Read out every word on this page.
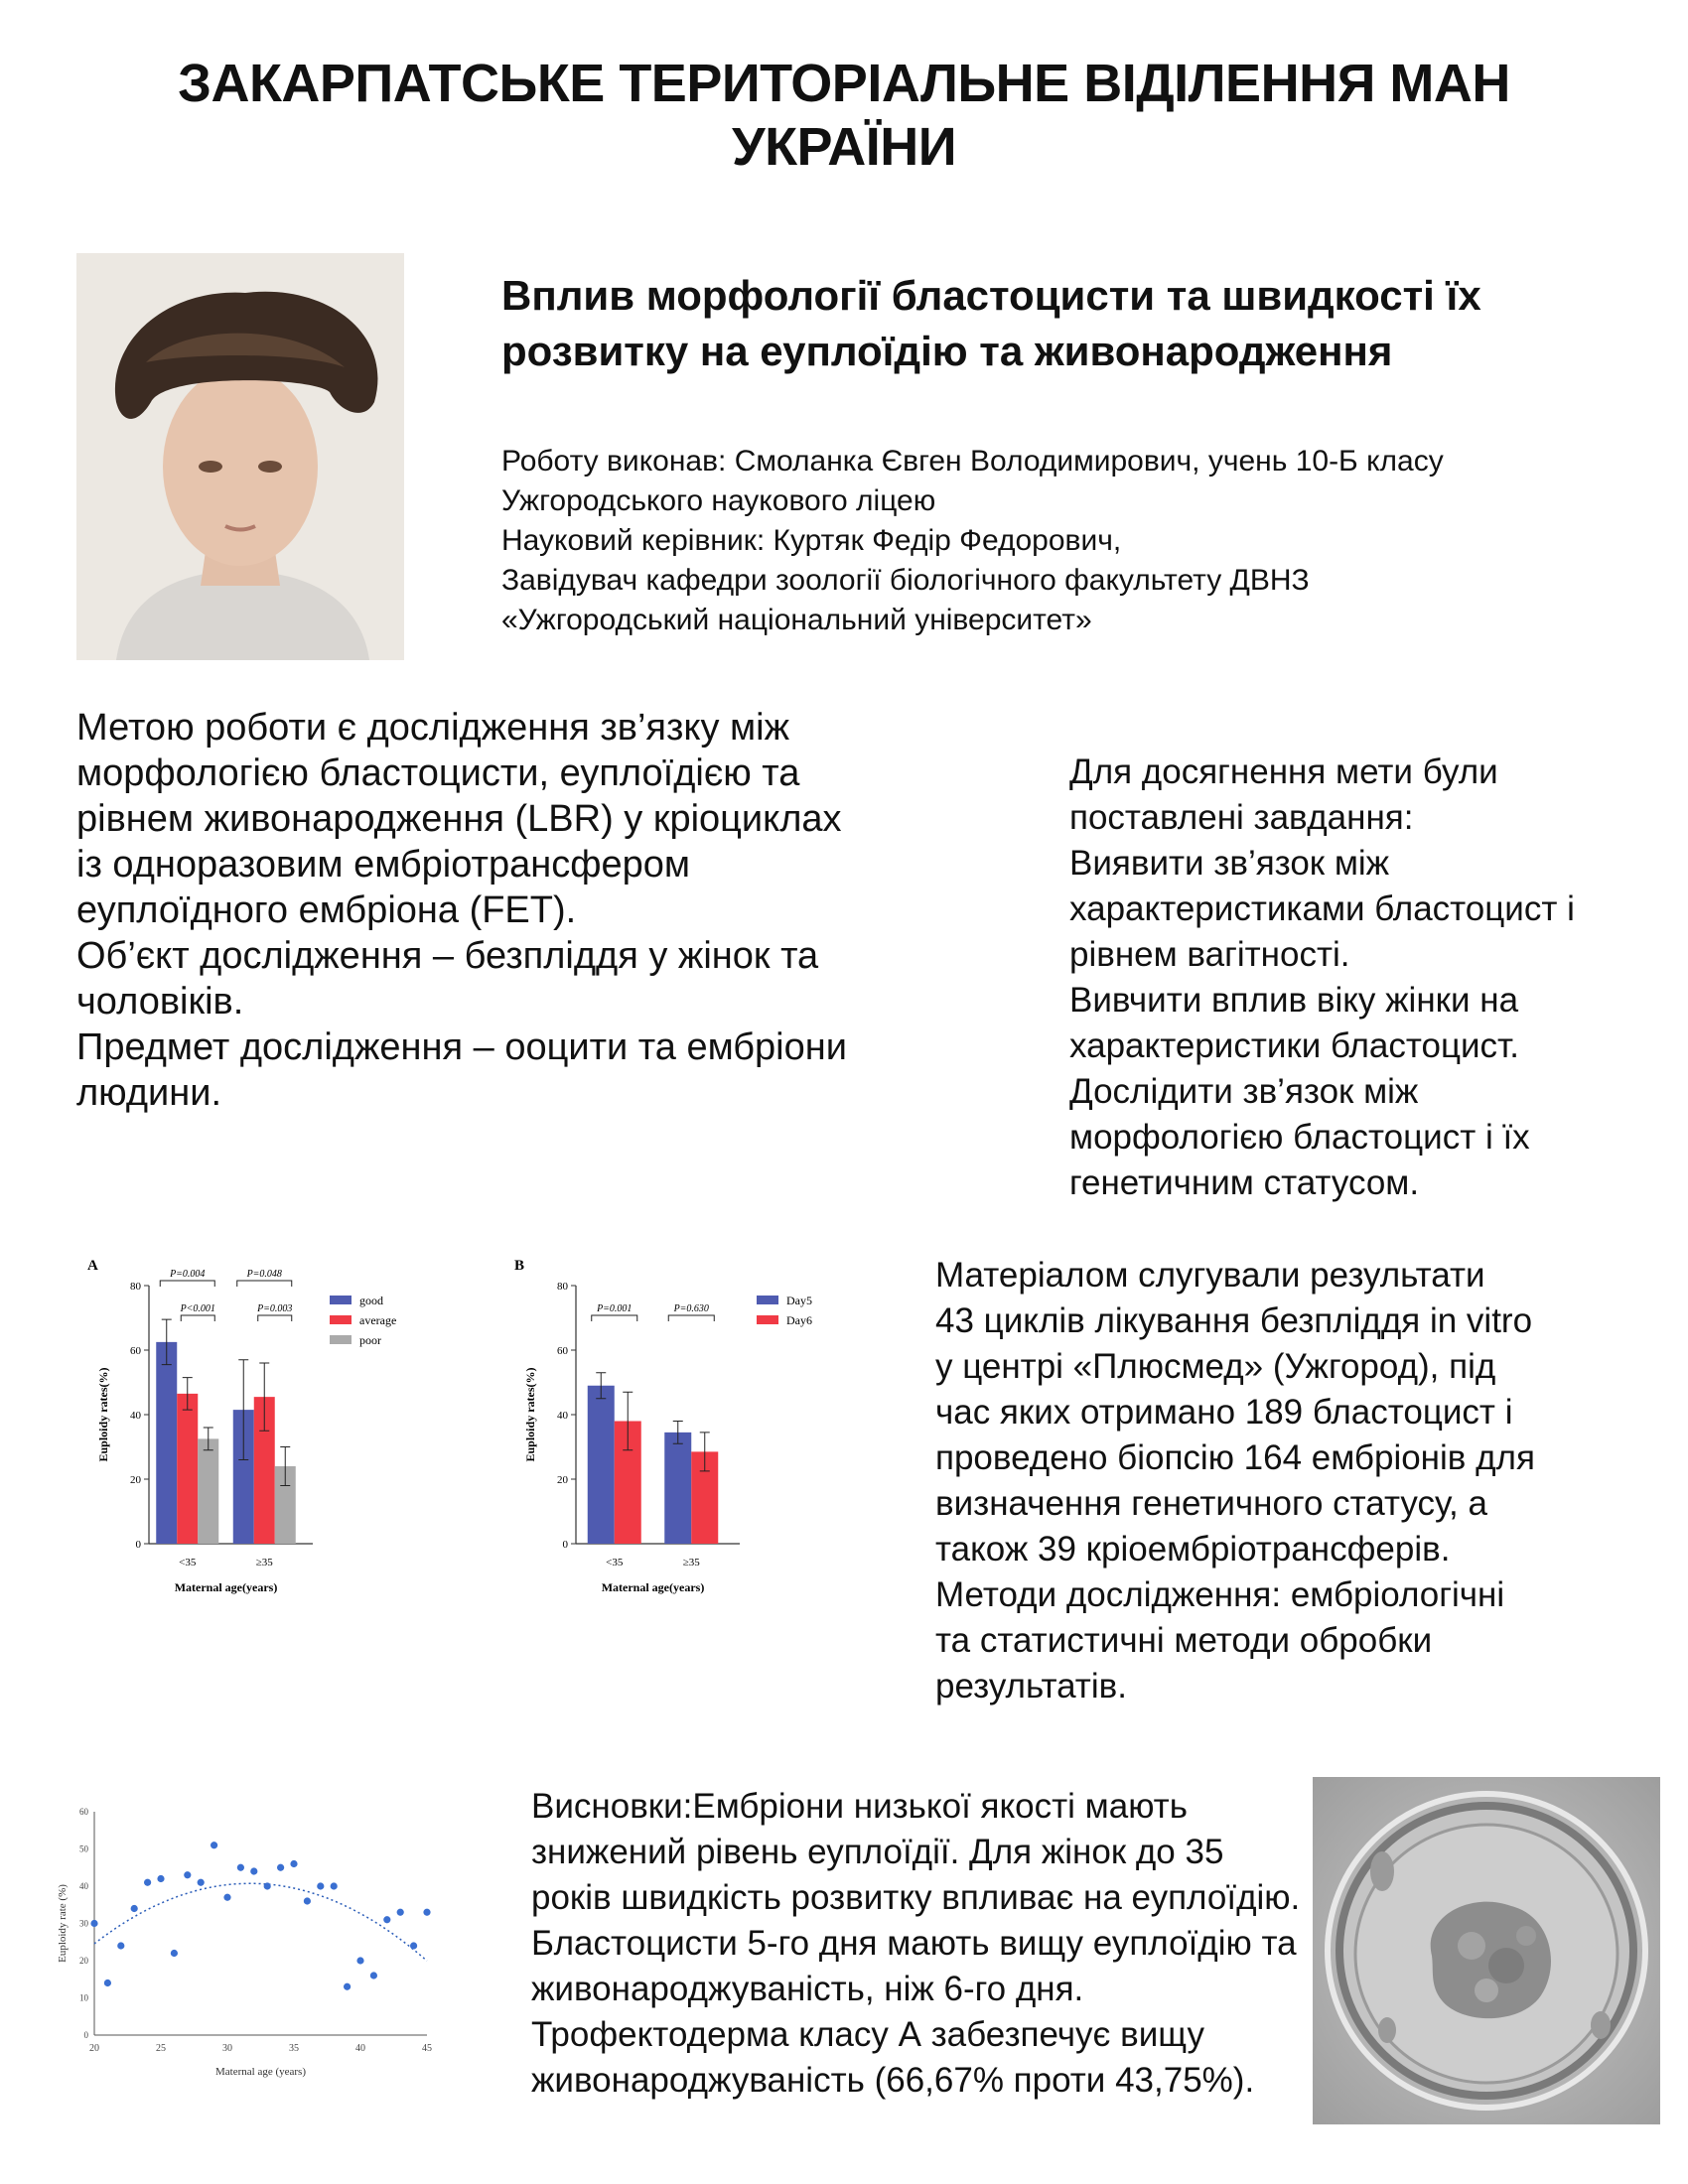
ЗАКАРПАТСЬКЕ ТЕРИТОРІАЛЬНЕ ВІДІЛЕННЯ МАН
УКРАЇНИ
Вплив морфології бластоцисти та швидкості їх
розвитку на еуплоїдію та живонародження
Роботу виконав: Смоланка Євген Володимирович, учень 10-Б класу
Ужгородського наукового ліцею
Науковий керівник: Куртяк Федір Федорович,
Завідувач кафедри зоології біологічного факультету ДВНЗ
«Ужгородський національний університет»
Метою роботи є дослідження зв’язку між
морфологією бластоцисти, еуплоїдією та
рівнем живонародження (LBR) у кріоциклах
із одноразовим ембріотрансфером
еуплоїдного ембріона (FET).
Об’єкт дослідження – безпліддя у жінок та
чоловіків.
Предмет дослідження – ооцити та ембріони
людини.
Для досягнення мети були
поставлені завдання:
Виявити зв’язок між
характеристиками бластоцист і
рівнем вагітності.
Вивчити вплив віку жінки на
характеристики бластоцист.
Дослідити зв’язок між
морфологією бластоцист і їх
генетичним статусом.
A
0
20
40
60
80
<35	≥35
P=0.004
P<0.001
P=0.048
P=0.003
Maternal age(years)
Euploidy rates(%)
good
average
poor
B
0
20
40
60
80
<35	≥35
P=0.001	P=0.630
Maternal age(years)
Euploidy rates(%)
Day5
Day6
Матеріалом слугували результати
43 циклів лікування безпліддя in vitro
у центрі «Плюсмед» (Ужгород), під
час яких отримано 189 бластоцист і
проведено біопсію 164 ембріонів для
визначення генетичного статусу, а
також 39 кріоембріотрансферів.
Методи дослідження: ембріологічні
та статистичні методи обробки
результатів.
0
10
20
30
40
50
60
20	25	30	35	40	45
Maternal age (years)
Euploidy rate (%)
Висновки:Ембріони низької якості мають знижений рівень еуплоїдії. Для жінок до 35 років швидкість розвитку впливає на еуплоїдію. Бластоцисти 5-го дня мають вищу еуплоїдію та живонароджуваність, ніж 6-го дня. Трофектодерма класу А забезпечує вищу живонароджуваність (66,67% проти 43,75%).
